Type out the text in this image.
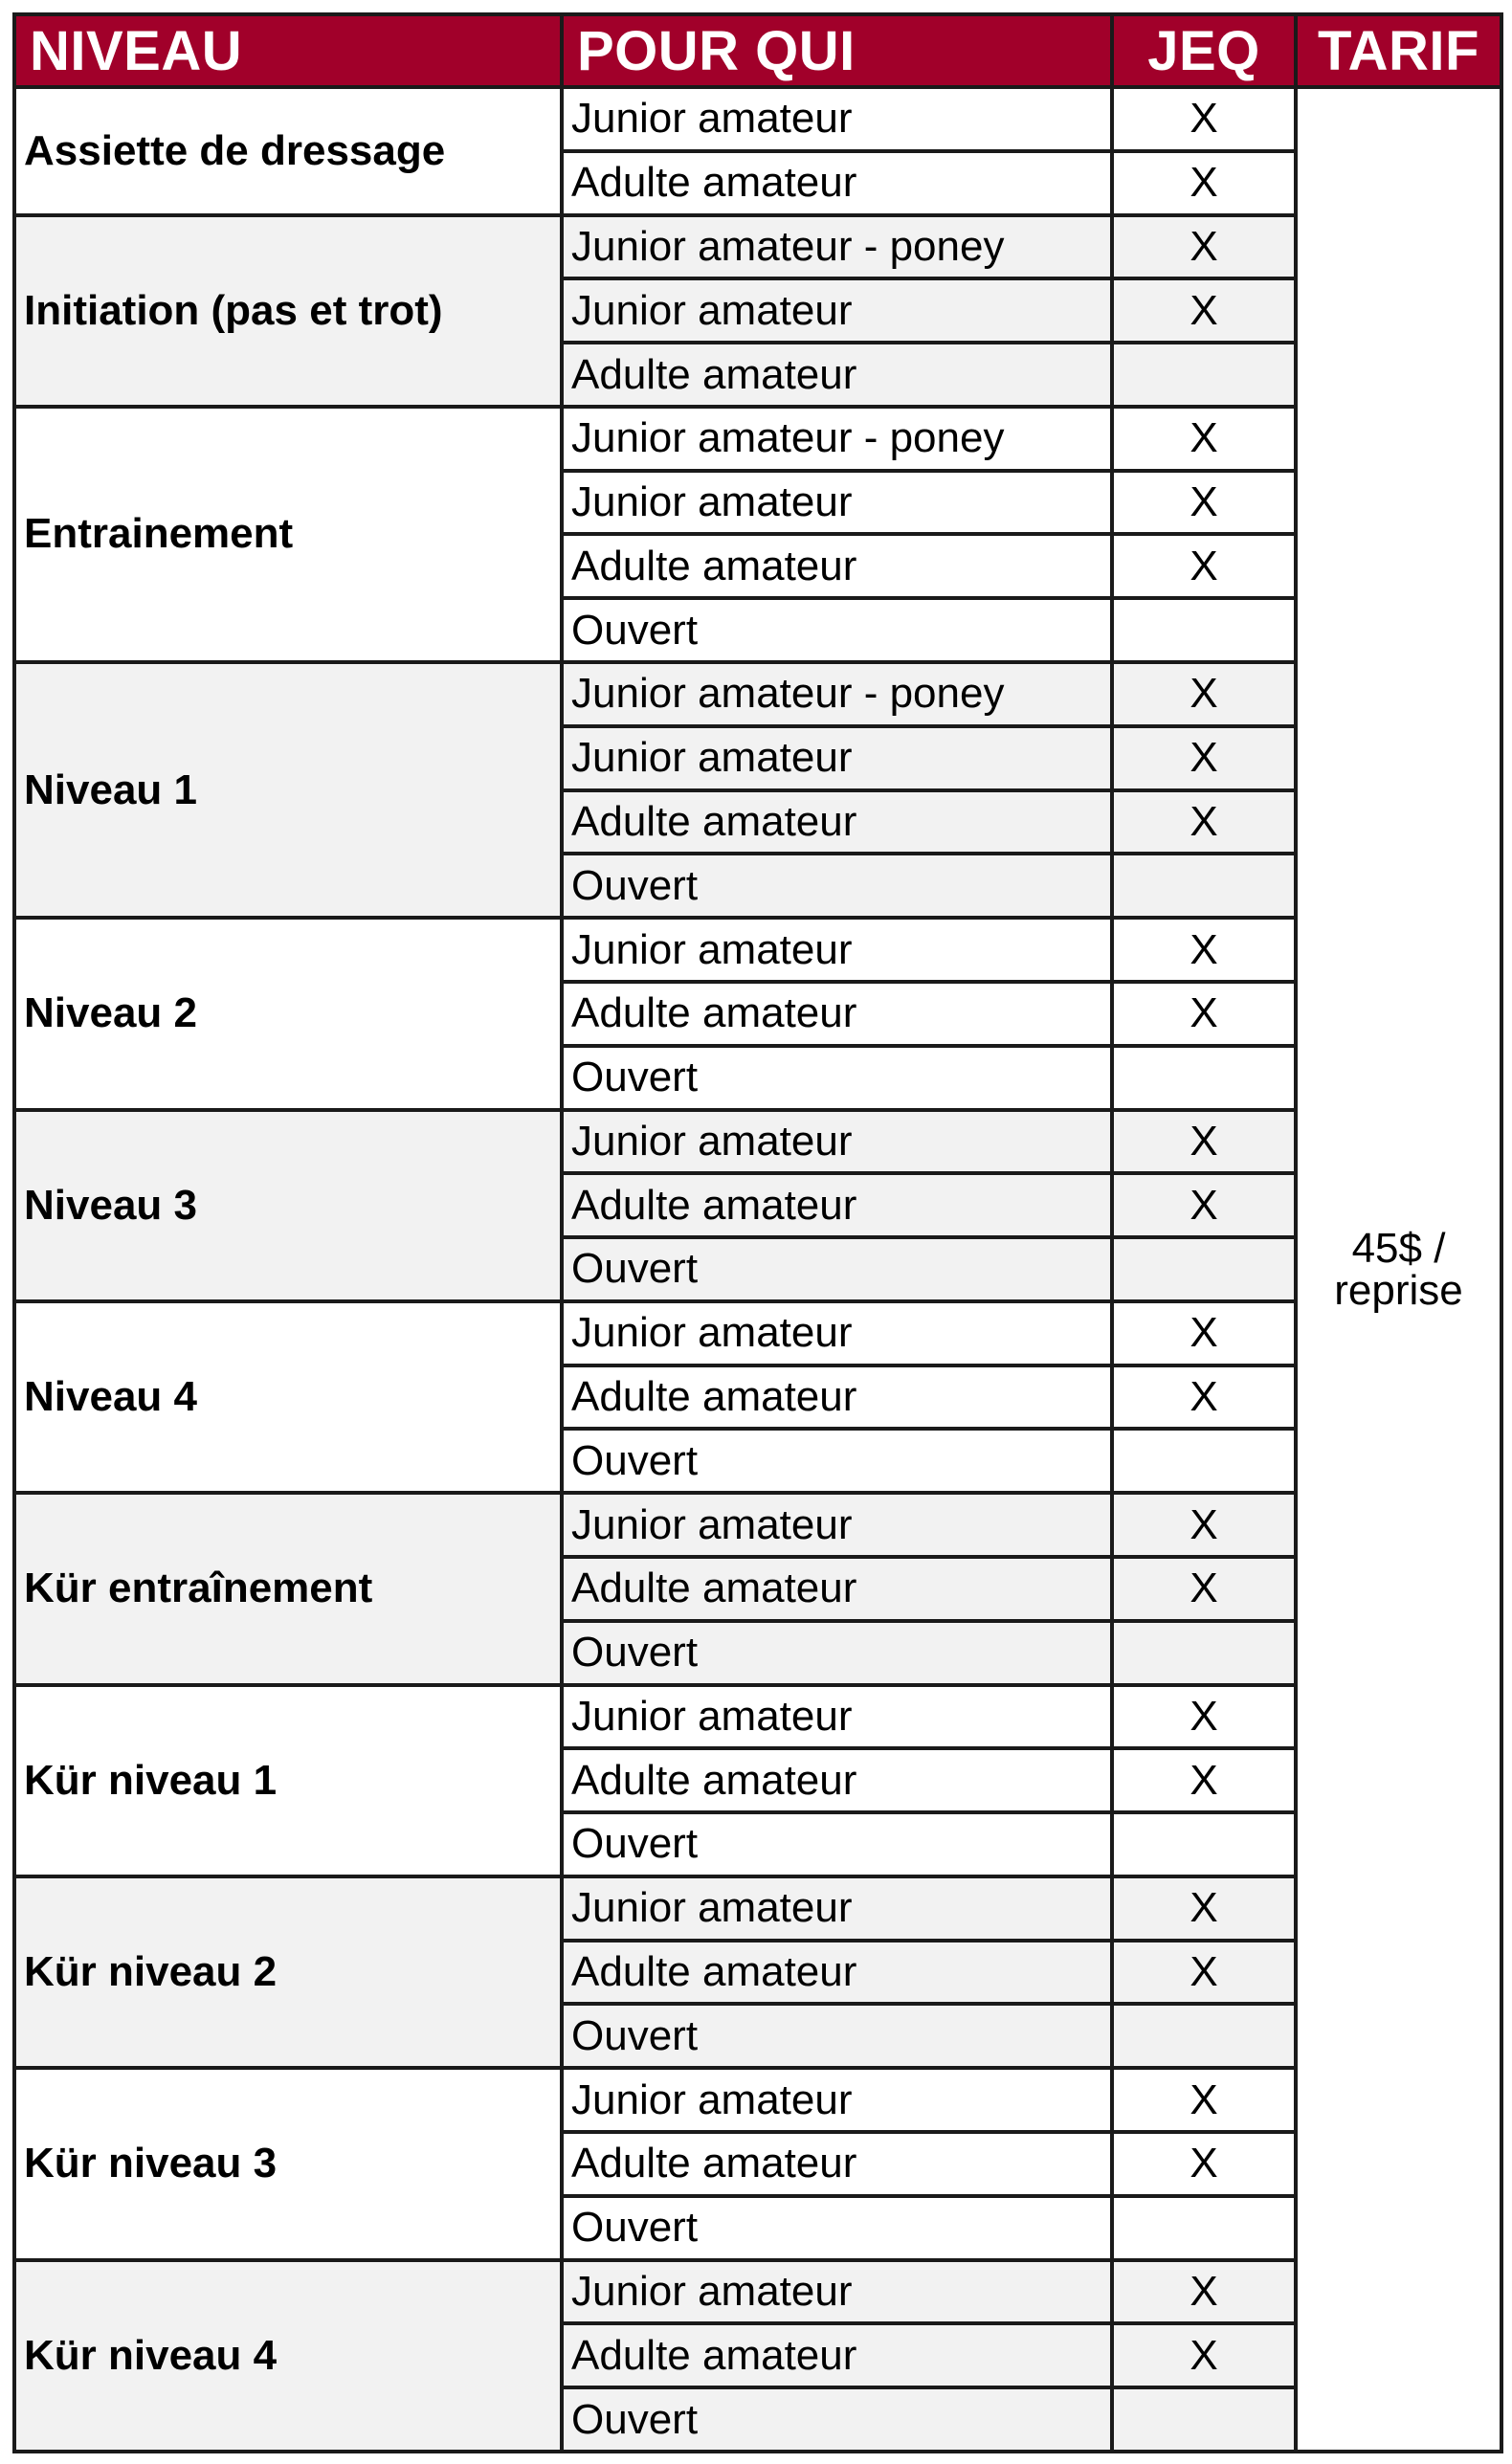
NIVEAU	POUR QUI	JEQ	TARIF
Assiette de dressage	Junior amateur	X	45$ /
reprise

	Adulte amateur	X	
Initiation (pas et trot)	Junior amateur - poney	X	
	Junior amateur	X	
	Adulte amateur		
Entrainement	Junior amateur - poney	X	
	Junior amateur	X	
	Adulte amateur	X	
	Ouvert		
Niveau 1	Junior amateur - poney	X	
	Junior amateur	X	
	Adulte amateur	X	
	Ouvert		
Niveau 2	Junior amateur	X	
	Adulte amateur	X	
	Ouvert		
Niveau 3	Junior amateur	X	
	Adulte amateur	X	
	Ouvert		
Niveau 4	Junior amateur	X	
	Adulte amateur	X	
	Ouvert		
Kür entraînement	Junior amateur	X	
	Adulte amateur	X	
	Ouvert		
Kür niveau 1	Junior amateur	X	
	Adulte amateur	X	
	Ouvert		
Kür niveau 2	Junior amateur	X	
	Adulte amateur	X	
	Ouvert		
Kür niveau 3	Junior amateur	X	
	Adulte amateur	X	
	Ouvert		
Kür niveau 4	Junior amateur	X	
	Adulte amateur	X	
	Ouvert		
